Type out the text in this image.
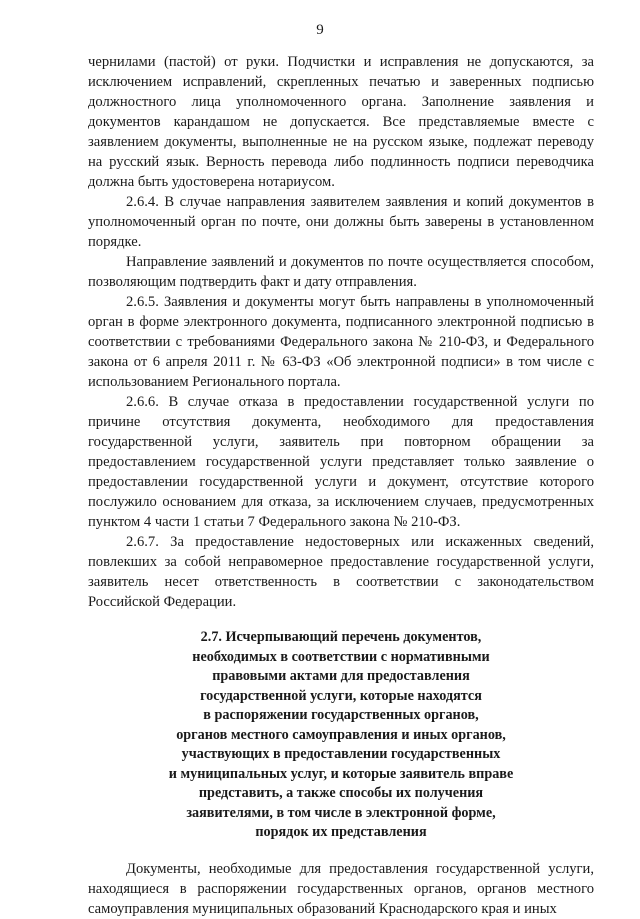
9

чернилами (пастой) от руки. Подчистки и исправления не допускаются, за исключением исправлений, скрепленных печатью и заверенных подписью должностного лица уполномоченного органа. Заполнение заявления и документов карандашом не допускается. Все представляемые вместе с заявлением документы, выполненные не на русском языке, подлежат переводу на русский язык. Верность перевода либо подлинность подписи переводчика должна быть удостоверена нотариусом.

2.6.4. В случае направления заявителем заявления и копий документов в уполномоченный орган по почте, они должны быть заверены в установленном порядке.

Направление заявлений и документов по почте осуществляется способом, позволяющим подтвердить факт и дату отправления.

2.6.5. Заявления и документы могут быть направлены в уполномоченный орган в форме электронного документа, подписанного электронной подписью в соответствии с требованиями Федерального закона № 210-ФЗ, и Федерального закона от 6 апреля 2011 г. № 63-ФЗ «Об электронной подписи» в том числе с использованием Регионального портала.

2.6.6. В случае отказа в предоставлении государственной услуги по причине отсутствия документа, необходимого для предоставления государственной услуги, заявитель при повторном обращении за предоставлением государственной услуги представляет только заявление о предоставлении государственной услуги и документ, отсутствие которого послужило основанием для отказа, за исключением случаев, предусмотренных пунктом 4 части 1 статьи 7 Федерального закона № 210-ФЗ.

2.6.7. За предоставление недостоверных или искаженных сведений, повлекших за собой неправомерное предоставление государственной услуги, заявитель несет ответственность в соответствии с законодательством Российской Федерации.

2.7. Исчерпывающий перечень документов,
необходимых в соответствии с нормативными
правовыми актами для предоставления
государственной услуги, которые находятся
в распоряжении государственных органов,
органов местного самоуправления и иных органов,
участвующих в предоставлении государственных
и муниципальных услуг, и которые заявитель вправе
представить, а также способы их получения
заявителями, в том числе в электронной форме,
порядок их представления

Документы, необходимые для предоставления государственной услуги, находящиеся в распоряжении государственных органов, органов местного самоуправления муниципальных образований Краснодарского края и иных
